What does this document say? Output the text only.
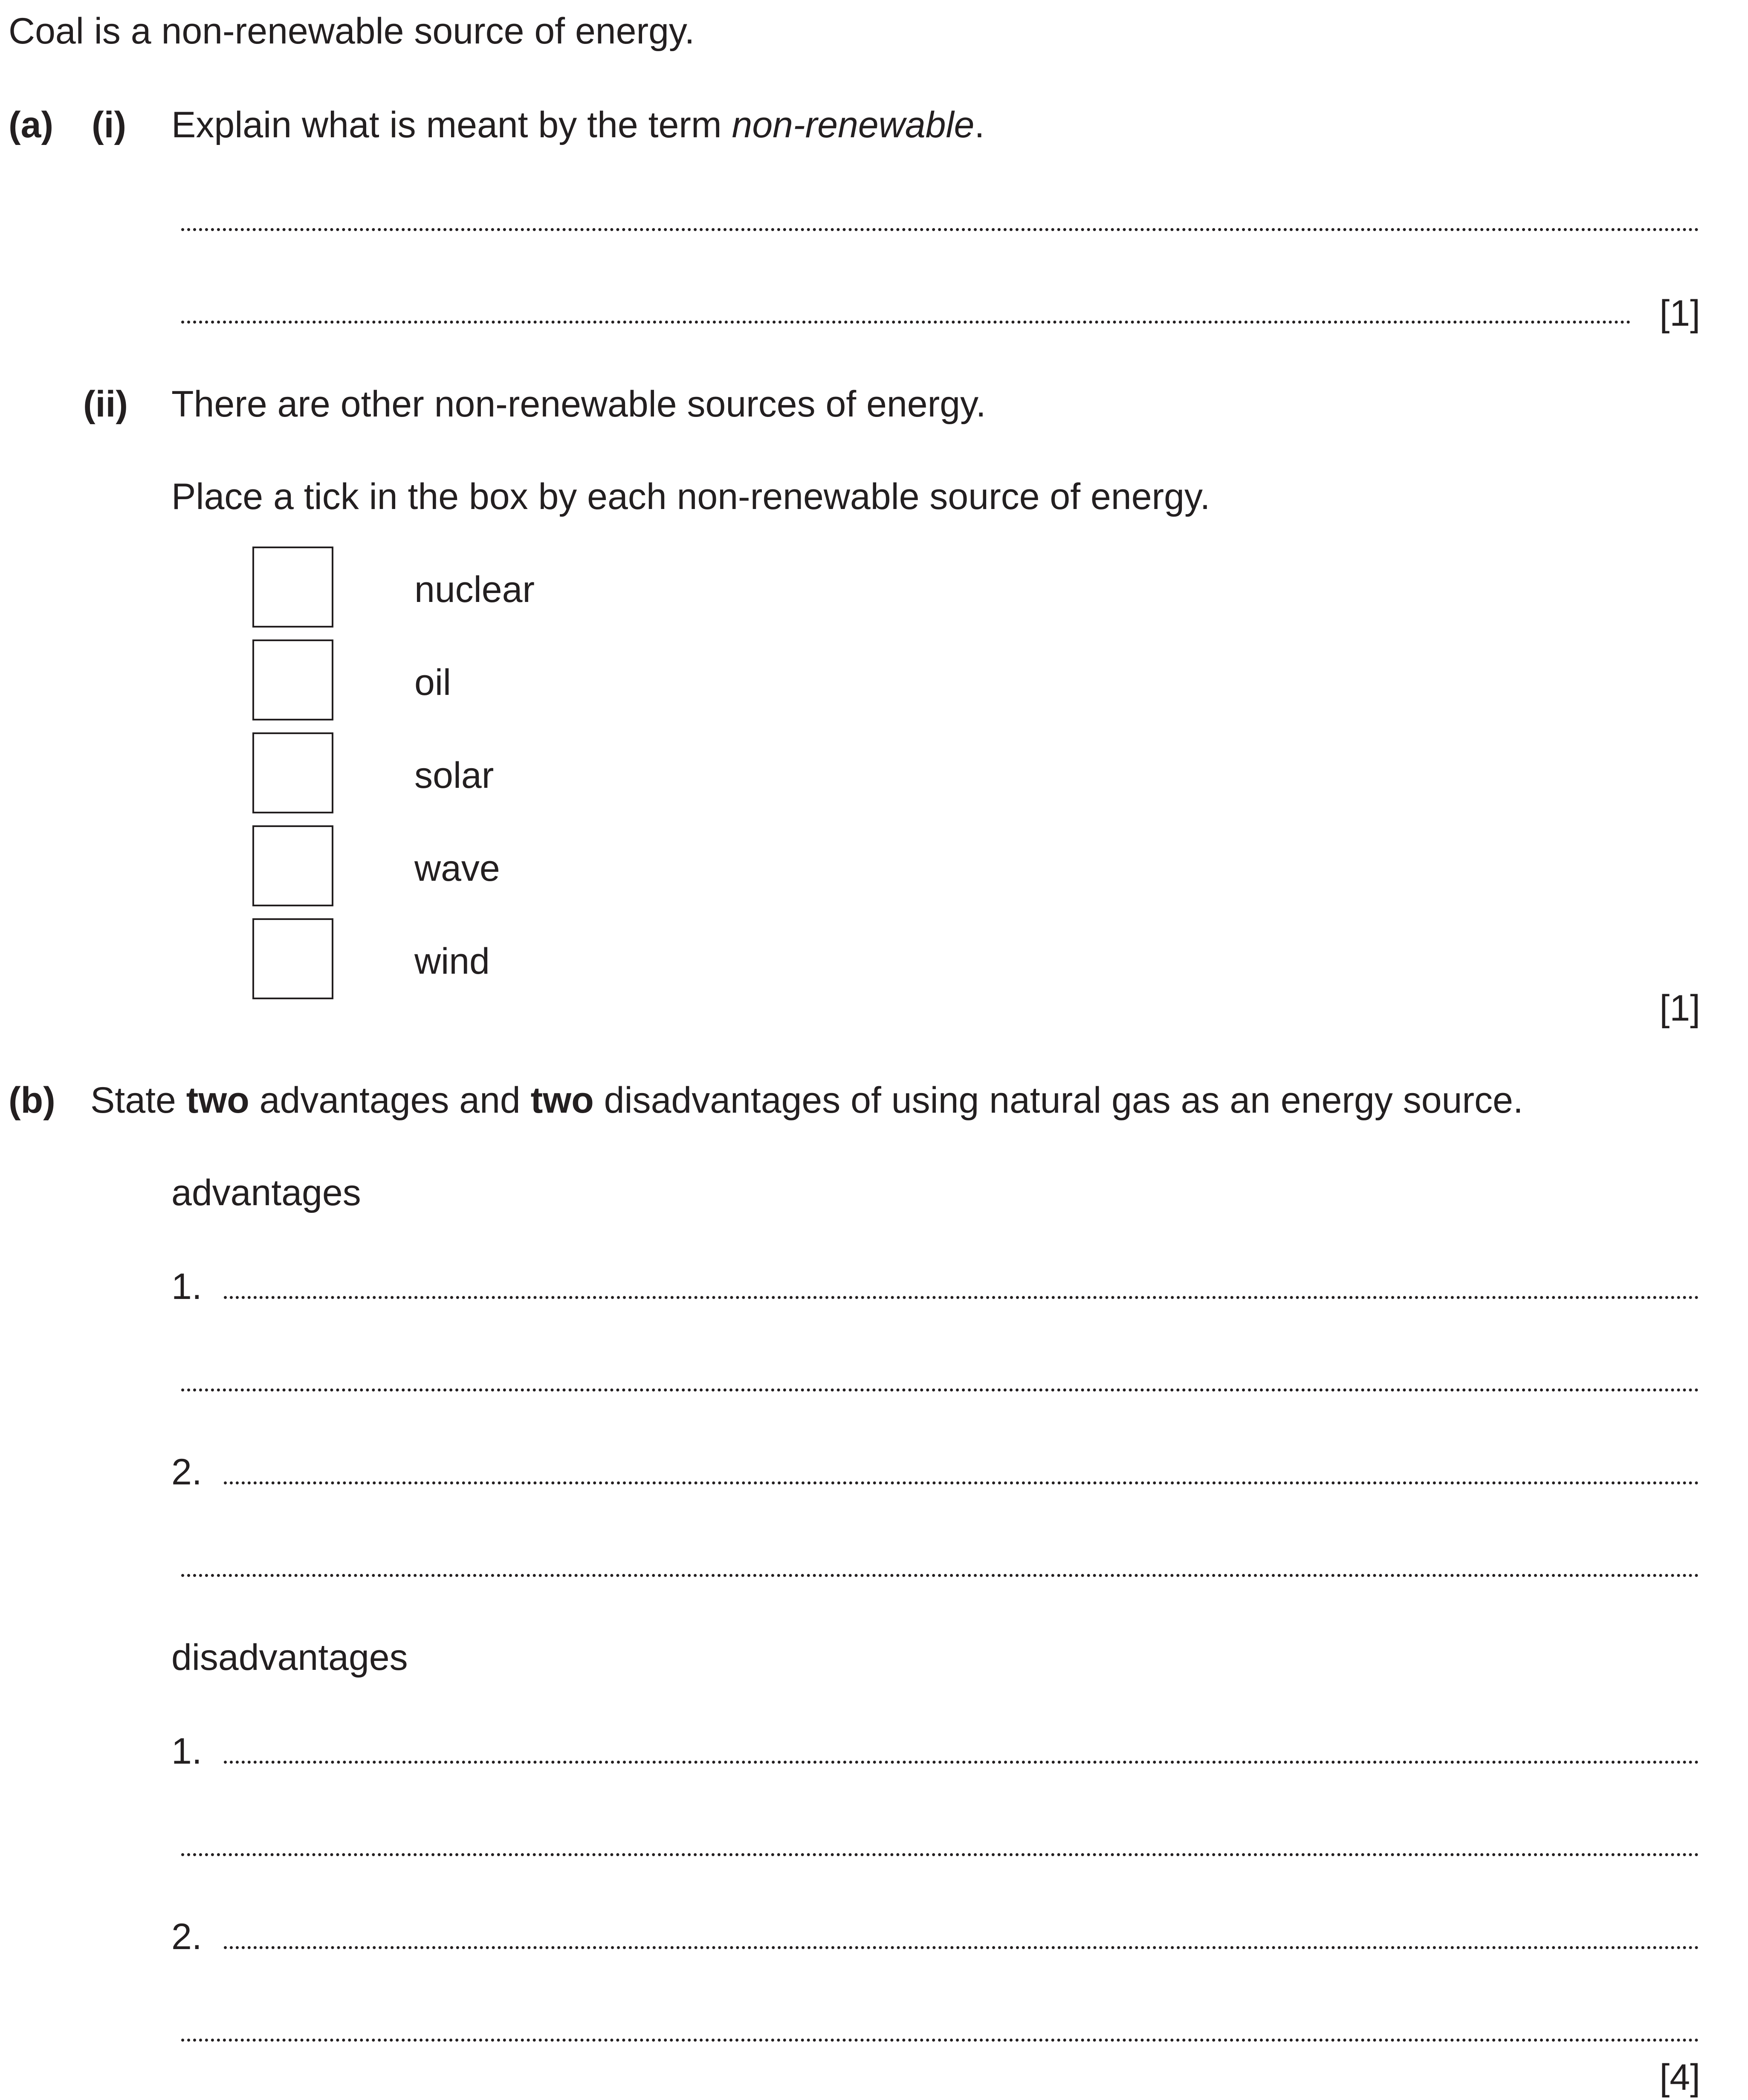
Coal is a non-renewable source of energy.
(a) (i) Explain what is meant by the term non-renewable.
[1]
(ii) There are other non-renewable sources of energy.
Place a tick in the box by each non-renewable source of energy.
nuclear
oil
solar
wave
wind
[1]
(b) State two advantages and two disadvantages of using natural gas as an energy source.
advantages
1.
2.
disadvantages
1.
2.
[4]
